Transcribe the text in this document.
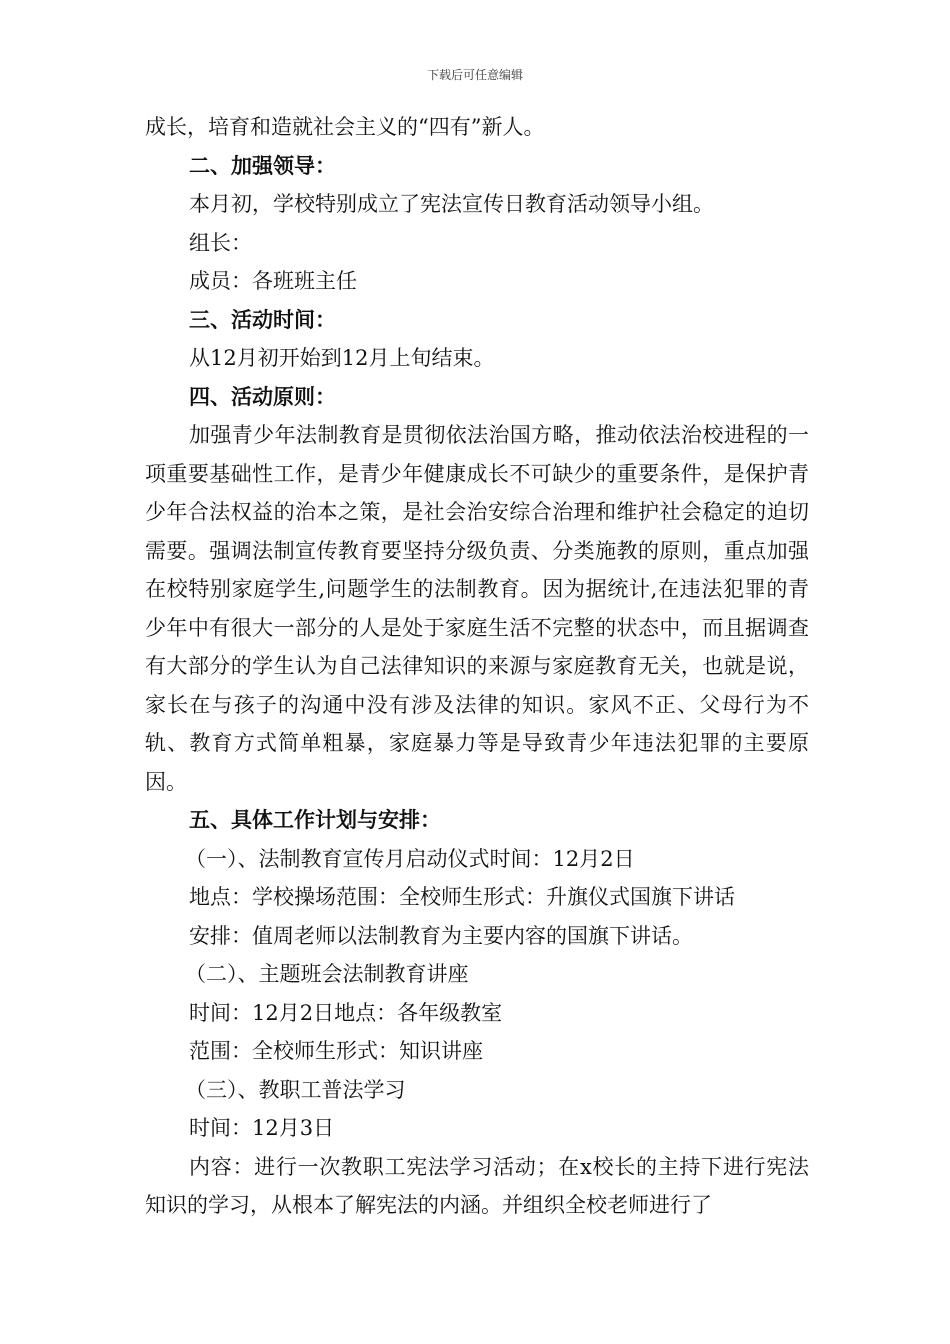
下载后可任意编辑

成长，培育和造就社会主义的“四有”新人。

二、加强领导：

本月初，学校特别成立了宪法宣传日教育活动领导小组。

组长：

成员：各班班主任

三、活动时间：

从12月初开始到12月上旬结束。

四、活动原则：

加强青少年法制教育是贯彻依法治国方略，推动依法治校进程的一项重要基础性工作，是青少年健康成长不可缺少的重要条件，是保护青少年合法权益的治本之策，是社会治安综合治理和维护社会稳定的迫切需要。强调法制宣传教育要坚持分级负责、分类施教的原则，重点加强在校特别家庭学生,问题学生的法制教育。因为据统计,在违法犯罪的青少年中有很大一部分的人是处于家庭生活不完整的状态中，而且据调查有大部分的学生认为自己法律知识的来源与家庭教育无关，也就是说，家长在与孩子的沟通中没有涉及法律的知识。家风不正、父母行为不轨、教育方式简单粗暴，家庭暴力等是导致青少年违法犯罪的主要原因。

五、具体工作计划与安排：

（一）、法制教育宣传月启动仪式时间：12月2日

地点：学校操场范围：全校师生形式：升旗仪式国旗下讲话

安排：值周老师以法制教育为主要内容的国旗下讲话。

（二）、主题班会法制教育讲座

时间：12月2日地点：各年级教室

范围：全校师生形式：知识讲座

（三）、教职工普法学习

时间：12月3日

内容：进行一次教职工宪法学习活动；在x校长的主持下进行宪法知识的学习，从根本了解宪法的内涵。并组织全校老师进行了
